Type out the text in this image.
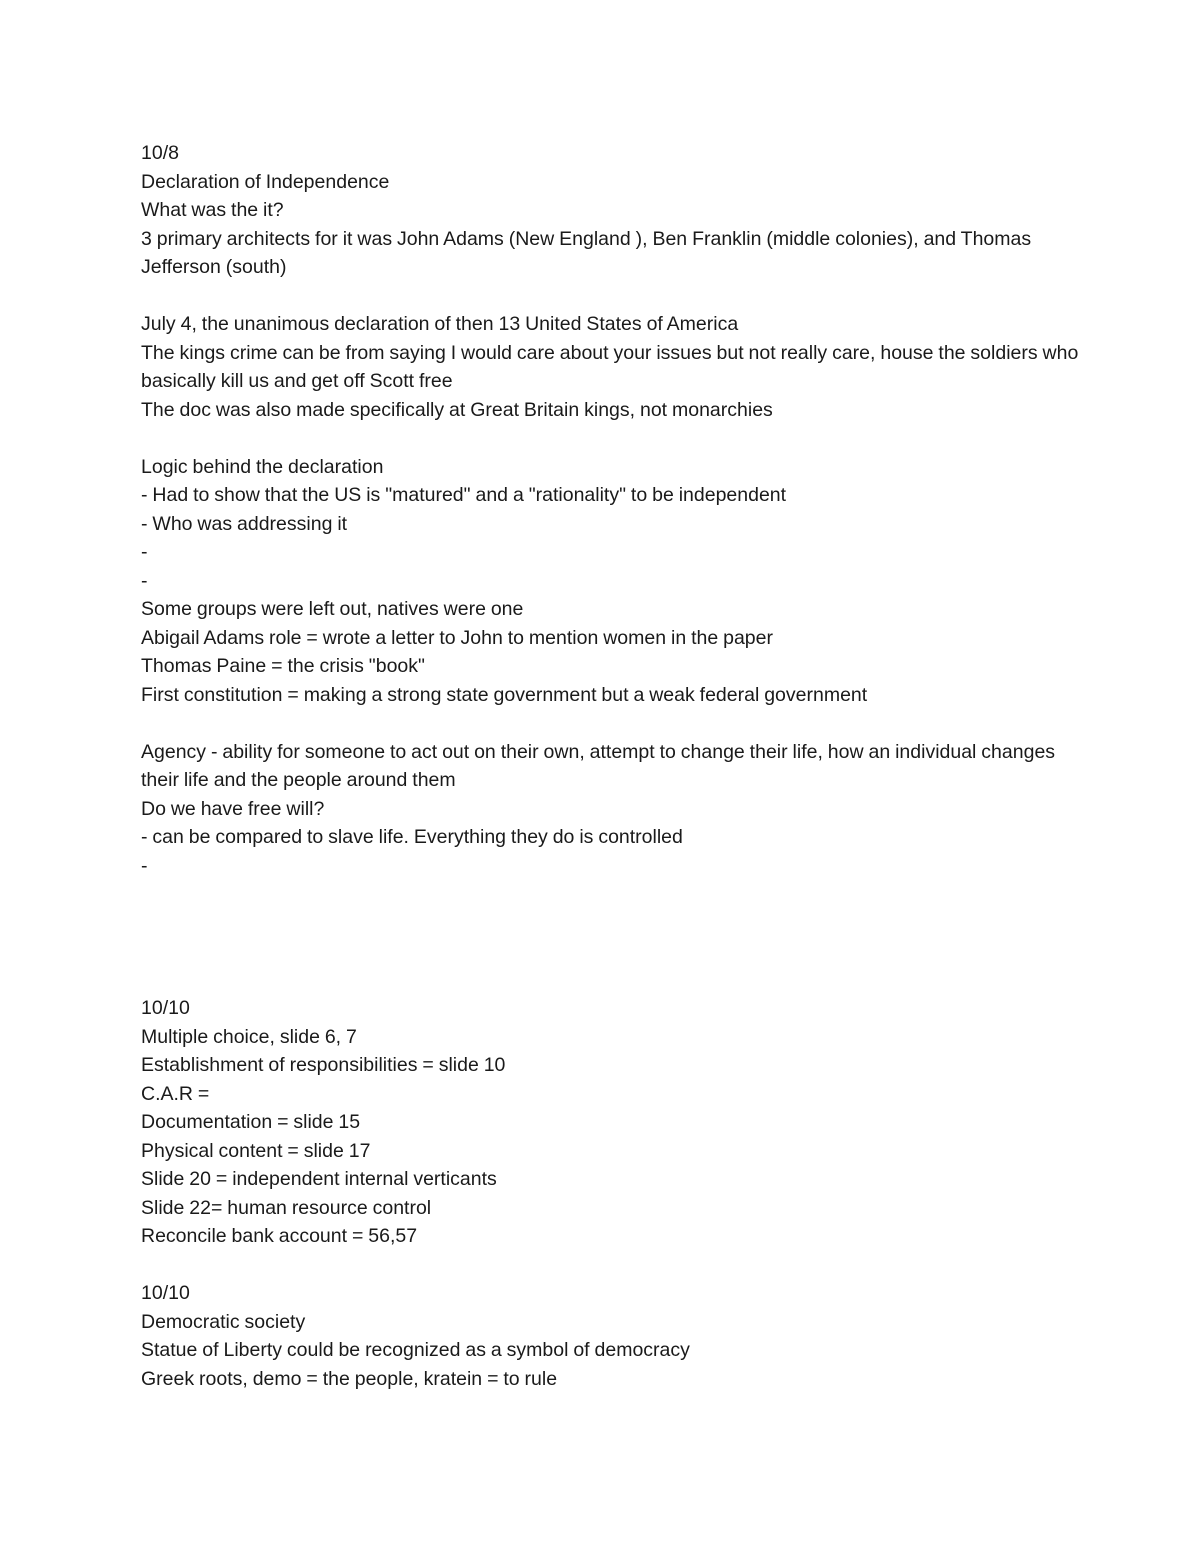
10/8
Declaration of Independence
What was the it?
3 primary architects for it was John Adams (New England ), Ben Franklin (middle colonies), and Thomas Jefferson (south)
July 4, the unanimous declaration of then 13 United States of America
The kings crime can be from saying I would care about your issues but not really care, house the soldiers who basically kill us and get off Scott free
The doc was also made specifically at Great Britain kings, not monarchies
Logic behind the declaration
- Had to show that the US is "matured" and a "rationality" to be independent
- Who was addressing it
-
-
Some groups were left out, natives were one
Abigail Adams role = wrote a letter to John to mention women in the paper
Thomas Paine = the crisis "book"
First constitution = making a strong state government but a weak federal government
Agency - ability for someone to act out on their own, attempt to change their life, how an individual changes their life and the people around them
Do we have free will?
- can be compared to slave life. Everything they do is controlled
-
10/10
Multiple choice, slide 6, 7
Establishment of responsibilities = slide 10
C.A.R =
Documentation = slide 15
Physical content = slide 17
Slide 20 = independent internal verticants
Slide 22= human resource control
Reconcile bank account = 56,57
10/10
Democratic society
Statue of Liberty could be recognized as a symbol of democracy
Greek roots, demo = the people, kratein = to rule
